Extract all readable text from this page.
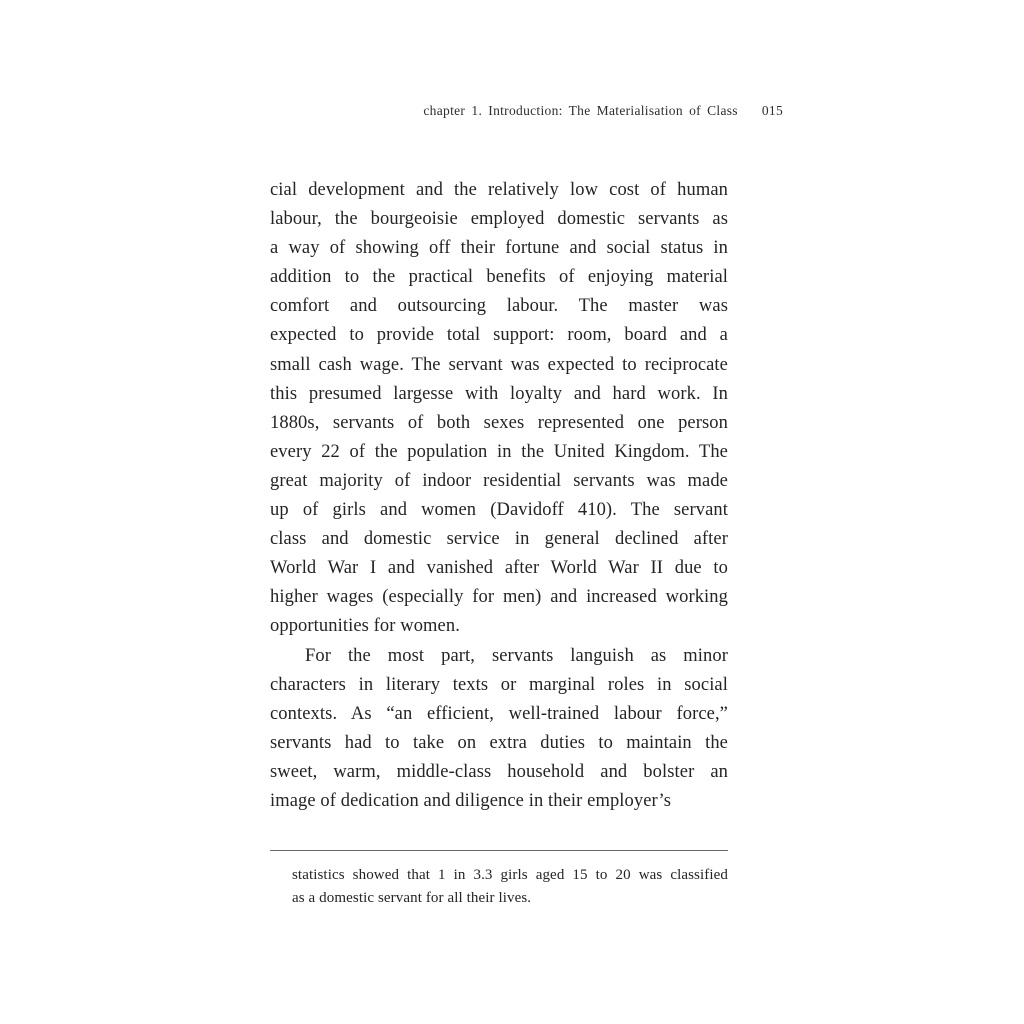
chapter 1. Introduction: The Materialisation of Class 015
cial development and the relatively low cost of human
labour, the bourgeoisie employed domestic servants as
a way of showing off their fortune and social status in
addition to the practical benefits of enjoying material
comfort and outsourcing labour. The master was
expected to provide total support: room, board and a
small cash wage. The servant was expected to reciprocate
this presumed largesse with loyalty and hard work. In
1880s, servants of both sexes represented one person
every 22 of the population in the United Kingdom. The
great majority of indoor residential servants was made
up of girls and women (Davidoff 410). The servant
class and domestic service in general declined after
World War I and vanished after World War II due to
higher wages (especially for men) and increased working
opportunities for women.
For the most part, servants languish as minor
characters in literary texts or marginal roles in social
contexts. As “an efficient, well-trained labour force,”
servants had to take on extra duties to maintain the
sweet, warm, middle-class household and bolster an
image of dedication and diligence in their employer’s
statistics showed that 1 in 3.3 girls aged 15 to 20 was classified
as a domestic servant for all their lives.
